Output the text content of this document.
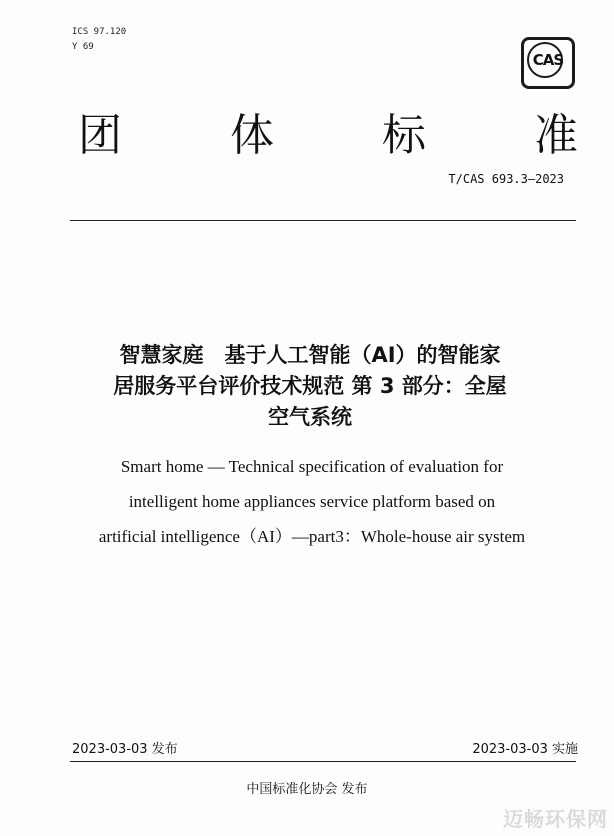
ICS 97.120
Y 69
CAS
团 体 标 准
T/CAS 693.3—2023
智慧家庭　基于人工智能（AI）的智能家
居服务平台评价技术规范 第 3 部分：全屋
空气系统
Smart home — Technical specification of evaluation for
intelligent home appliances service platform based on
artificial intelligence（AI）—part3：Whole-house air system
2023-03-03 发布	2023-03-03 实施
中国标准化协会 发布
迈畅环保网
